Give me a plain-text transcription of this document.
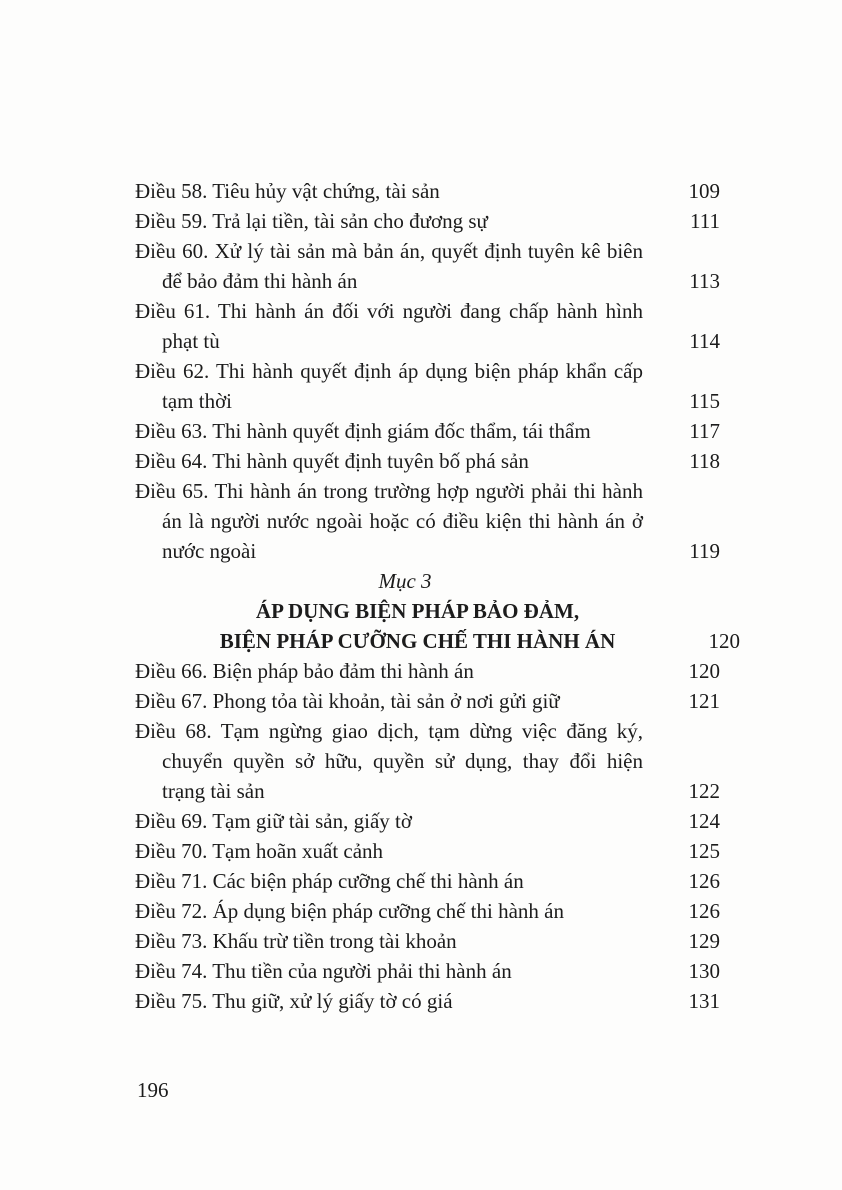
Điều 58. Tiêu hủy vật chứng, tài sản	109
Điều 59. Trả lại tiền, tài sản cho đương sự	111
Điều 60. Xử lý tài sản mà bản án, quyết định tuyên kê biên để bảo đảm thi hành án	113
Điều 61. Thi hành án đối với người đang chấp hành hình phạt tù	114
Điều 62. Thi hành quyết định áp dụng biện pháp khẩn cấp tạm thời	115
Điều 63. Thi hành quyết định giám đốc thẩm, tái thẩm	117
Điều 64. Thi hành quyết định tuyên bố phá sản	118
Điều 65. Thi hành án trong trường hợp người phải thi hành án là người nước ngoài hoặc có điều kiện thi hành án ở nước ngoài	119
Mục 3
ÁP DỤNG BIỆN PHÁP BẢO ĐẢM,
BIỆN PHÁP CƯỠNG CHẾ THI HÀNH ÁN	120
Điều 66. Biện pháp bảo đảm thi hành án	120
Điều 67. Phong tỏa tài khoản, tài sản ở nơi gửi giữ	121
Điều 68. Tạm ngừng giao dịch, tạm dừng việc đăng ký, chuyển quyền sở hữu, quyền sử dụng, thay đổi hiện trạng tài sản	122
Điều 69. Tạm giữ tài sản, giấy tờ	124
Điều 70. Tạm hoãn xuất cảnh	125
Điều 71. Các biện pháp cưỡng chế thi hành án	126
Điều 72. Áp dụng biện pháp cưỡng chế thi hành án	126
Điều 73. Khấu trừ tiền trong tài khoản	129
Điều 74. Thu tiền của người phải thi hành án	130
Điều 75. Thu giữ, xử lý giấy tờ có giá	131
196
